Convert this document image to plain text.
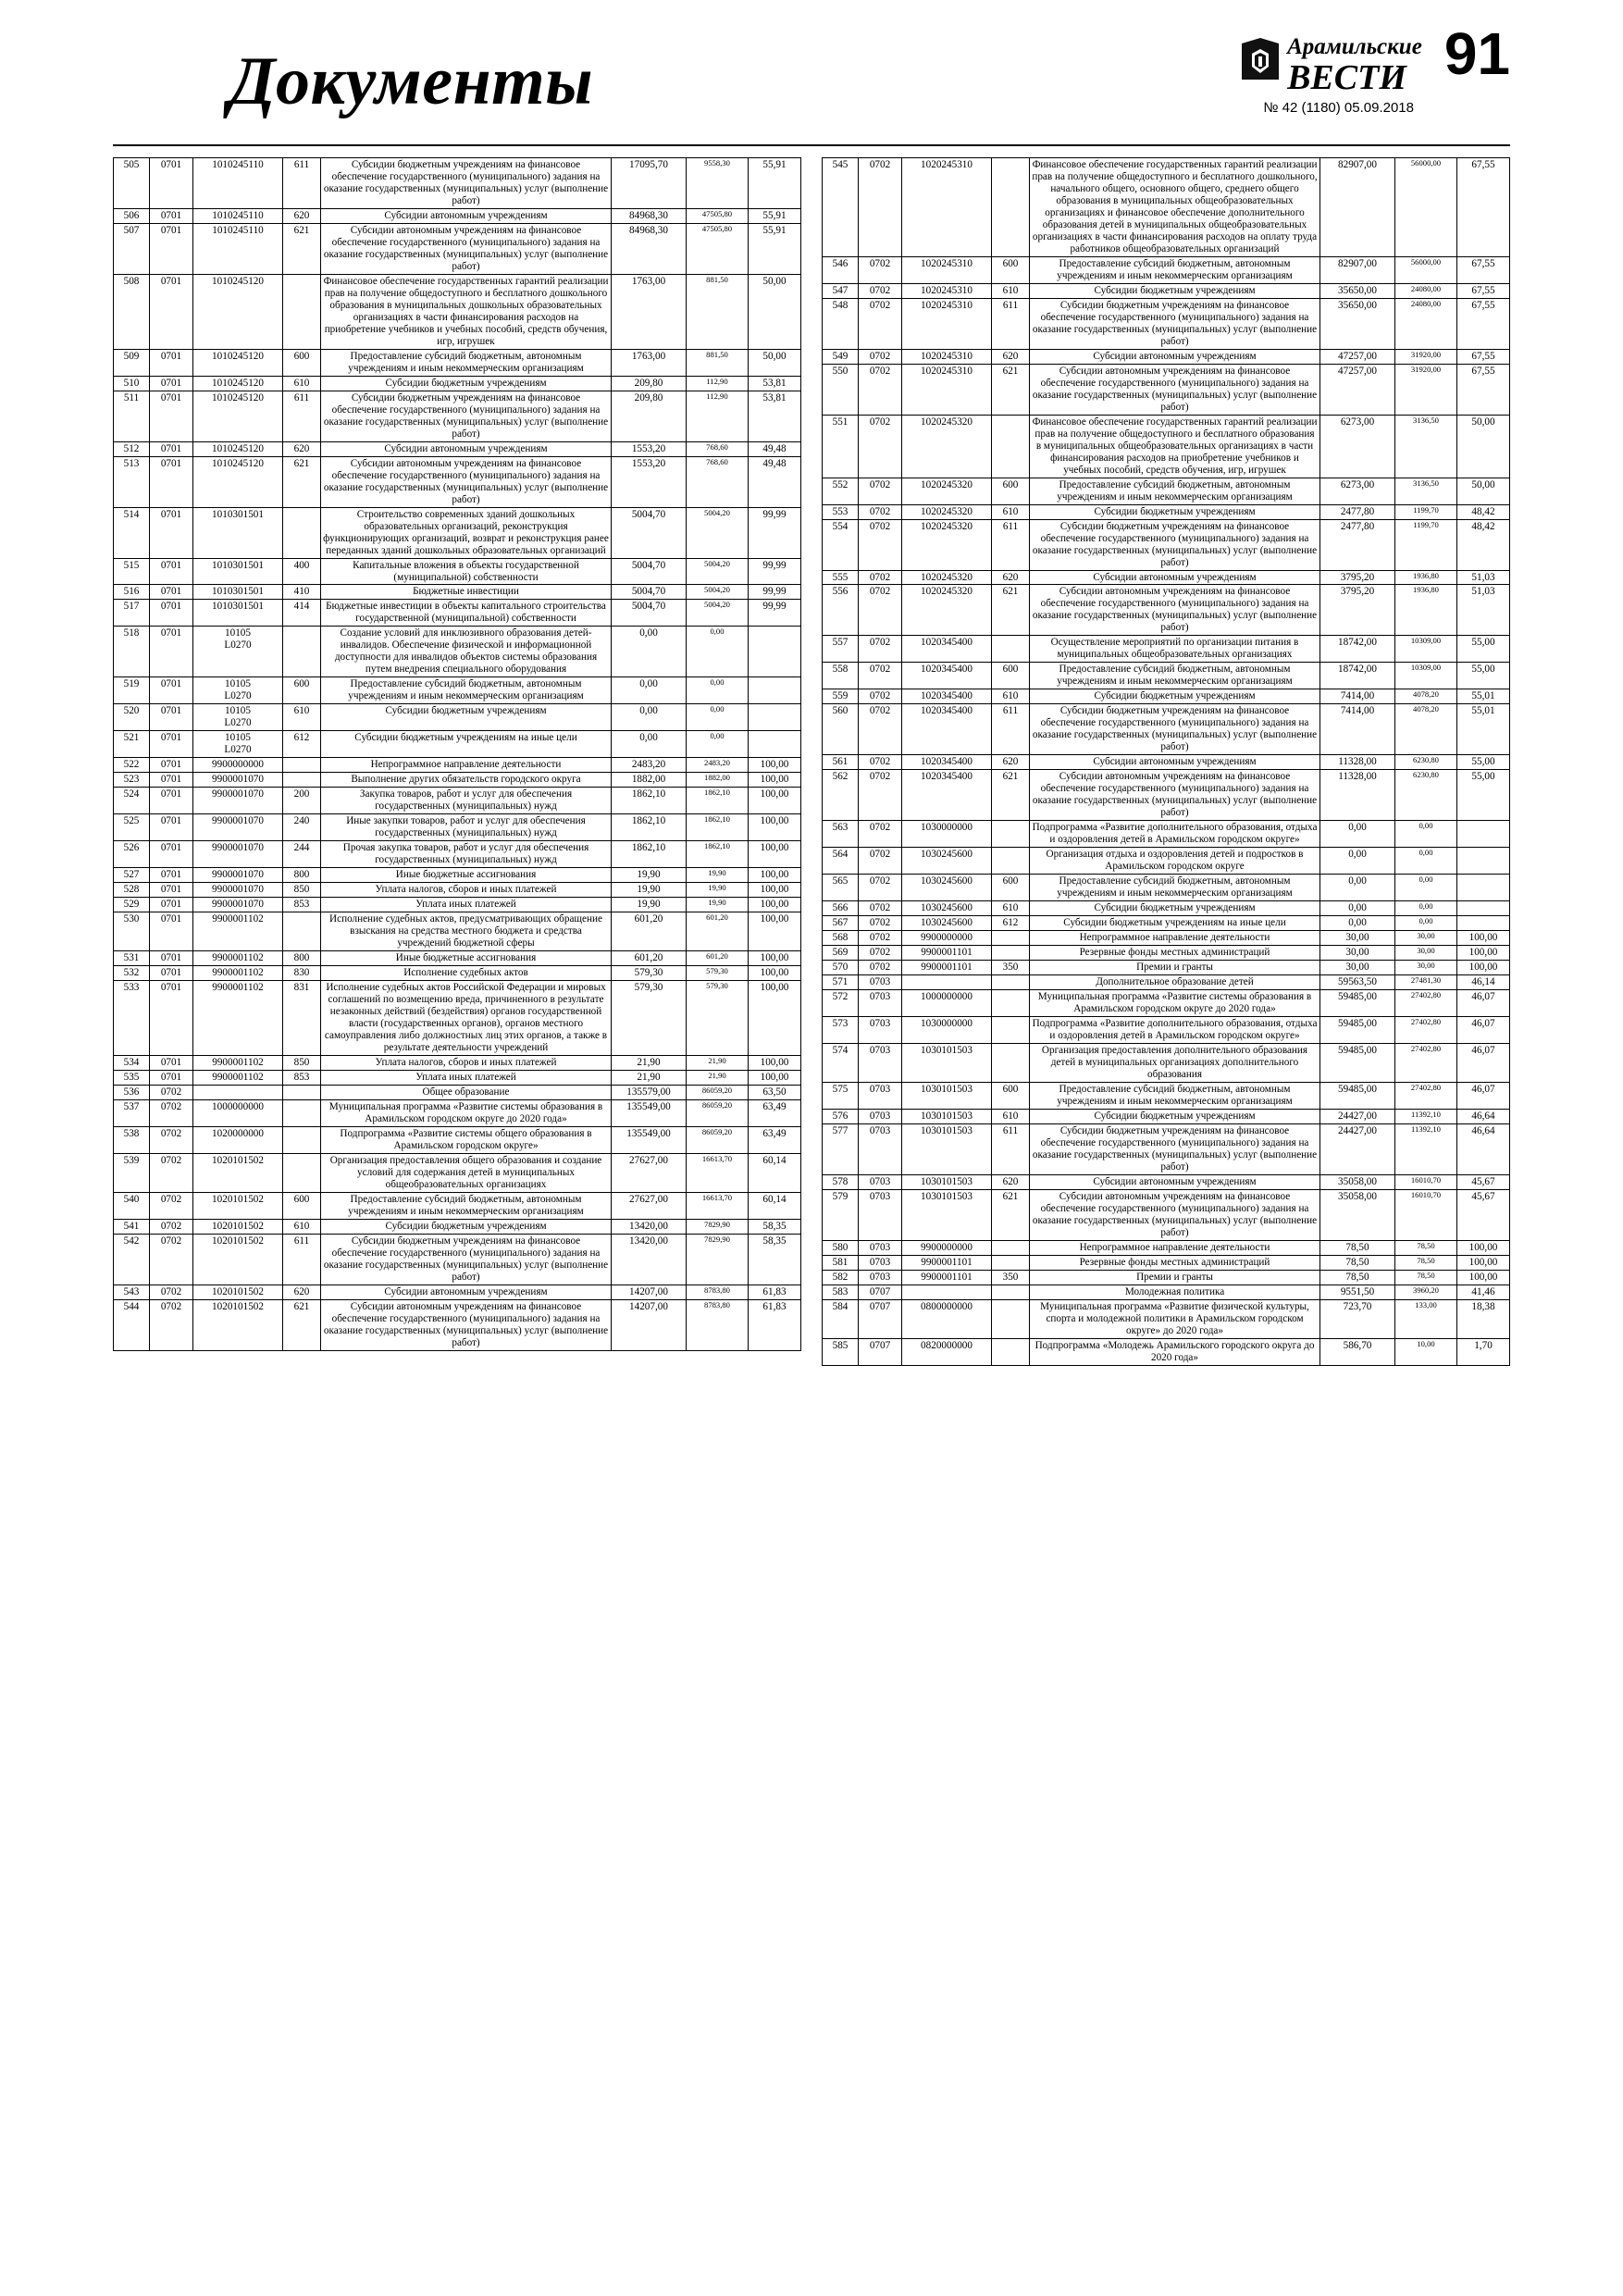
Документы	Арамильские
ВЕСТИ 91
№ 42 (1180) 05.09.2018
505	0701	1010245110	611	Субсидии бюджетным учреждениям на финансовое обеспечение государственного (муниципального) задания на оказание государственных (муниципальных) услуг (выполнение работ)	17095,70	9558,30	55,91
506	0701	1010245110	620	Субсидии автономным учреждениям	84968,30	47505,80	55,91
507	0701	1010245110	621	Субсидии автономным учреждениям на финансовое обеспечение государственного (муниципального) задания на оказание государственных (муниципальных) услуг (выполнение работ)	84968,30	47505,80	55,91
508	0701	1010245120		Финансовое обеспечение государственных гарантий реализации прав на получение общедоступного и бесплатного дошкольного образования в муниципальных дошкольных образовательных организациях в части финансирования расходов на приобретение учебников и учебных пособий, средств обучения, игр, игрушек	1763,00	881,50	50,00
509	0701	1010245120	600	Предоставление субсидий бюджетным, автономным учреждениям и иным некоммерческим организациям	1763,00	881,50	50,00
510	0701	1010245120	610	Субсидии бюджетным учреждениям	209,80	112,90	53,81
511	0701	1010245120	611	Субсидии бюджетным учреждениям на финансовое обеспечение государственного (муниципального) задания на оказание государственных (муниципальных) услуг (выполнение работ)	209,80	112,90	53,81
512	0701	1010245120	620	Субсидии автономным учреждениям	1553,20	768,60	49,48
513	0701	1010245120	621	Субсидии автономным учреждениям на финансовое обеспечение государственного (муниципального) задания на оказание государственных (муниципальных) услуг (выполнение работ)	1553,20	768,60	49,48
514	0701	1010301501		Строительство современных зданий дошкольных образовательных организаций, реконструкция функционирующих организаций, возврат и реконструкция ранее переданных зданий дошкольных образовательных организаций	5004,70	5004,20	99,99
515	0701	1010301501	400	Капитальные вложения в объекты государственной (муниципальной) собственности	5004,70	5004,20	99,99
516	0701	1010301501	410	Бюджетные инвестиции	5004,70	5004,20	99,99
517	0701	1010301501	414	Бюджетные инвестиции в объекты капитального строительства государственной (муниципальной) собственности	5004,70	5004,20	99,99
518	0701	10105
L0270		Создание условий для инклюзивного образования детей-инвалидов. Обеспечение физической и информационной доступности для инвалидов объектов системы образования путем внедрения специального оборудования	0,00	0,00	

519	0701	10105
L0270	600	Предоставление субсидий бюджетным, автономным учреждениям и иным некоммерческим организациям	0,00	0,00	

520	0701	10105
L0270	610	Субсидии бюджетным учреждениям	0,00	0,00	

521	0701	10105
L0270	612	Субсидии бюджетным учреждениям на иные цели	0,00	0,00	

522	0701	9900000000		Непрограммное направление деятельности	2483,20	2483,20	100,00
523	0701	9900001070		Выполнение других обязательств городского округа	1882,00	1882,00	100,00
524	0701	9900001070	200	Закупка товаров, работ и услуг для обеспечения государственных (муниципальных) нужд	1862,10	1862,10	100,00
525	0701	9900001070	240	Иные закупки товаров, работ и услуг для обеспечения государственных (муниципальных) нужд	1862,10	1862,10	100,00
526	0701	9900001070	244	Прочая закупка товаров, работ и услуг для обеспечения государственных (муниципальных) нужд	1862,10	1862,10	100,00
527	0701	9900001070	800	Иные бюджетные ассигнования	19,90	19,90	100,00
528	0701	9900001070	850	Уплата налогов, сборов и иных платежей	19,90	19,90	100,00
529	0701	9900001070	853	Уплата иных платежей	19,90	19,90	100,00
530	0701	9900001102		Исполнение судебных актов, предусматривающих обращение взыскания на средства местного бюджета и средства учреждений бюджетной сферы	601,20	601,20	100,00
531	0701	9900001102	800	Иные бюджетные ассигнования	601,20	601,20	100,00
532	0701	9900001102	830	Исполнение судебных актов	579,30	579,30	100,00
533	0701	9900001102	831	Исполнение судебных актов Российской Федерации и мировых соглашений по возмещению вреда, причиненного в результате незаконных действий (бездействия) органов государственной власти (государственных органов), органов местного самоуправления либо должностных лиц этих органов, а также в результате деятельности учреждений	579,30	579,30	100,00
534	0701	9900001102	850	Уплата налогов, сборов и иных платежей	21,90	21,90	100,00
535	0701	9900001102	853	Уплата иных платежей	21,90	21,90	100,00
536	0702			Общее образование	135579,00	86059,20	63,50
537	0702	1000000000		Муниципальная программа «Развитие системы образования в Арамильском городском округе до 2020 года»	135549,00	86059,20	63,49
538	0702	1020000000		Подпрограмма «Развитие системы общего образования в Арамильском городском округе»	135549,00	86059,20	63,49
539	0702	1020101502		Организация предоставления общего образования и создание условий для содержания детей в муниципальных общеобразовательных организациях	27627,00	16613,70	60,14
540	0702	1020101502	600	Предоставление субсидий бюджетным, автономным учреждениям и иным некоммерческим организациям	27627,00	16613,70	60,14
541	0702	1020101502	610	Субсидии бюджетным учреждениям	13420,00	7829,90	58,35
542	0702	1020101502	611	Субсидии бюджетным учреждениям на финансовое обеспечение государственного (муниципального) задания на оказание государственных (муниципальных) услуг (выполнение работ)	13420,00	7829,90	58,35
543	0702	1020101502	620	Субсидии автономным учреждениям	14207,00	8783,80	61,83
544	0702	1020101502	621	Субсидии автономным учреждениям на финансовое обеспечение государственного (муниципального) задания на оказание государственных (муниципальных) услуг (выполнение работ)	14207,00	8783,80	61,83
545	0702	1020245310		Финансовое обеспечение государственных гарантий реализации прав на получение общедоступного и бесплатного дошкольного, начального общего, основного общего, среднего общего образования в муниципальных общеобразовательных организациях и финансовое обеспечение дополнительного образования детей в муниципальных общеобразовательных организациях в части финансирования расходов на оплату труда работников общеобразовательных организаций	82907,00	56000,00	67,55
546	0702	1020245310	600	Предоставление субсидий бюджетным, автономным учреждениям и иным некоммерческим организациям	82907,00	56000,00	67,55
547	0702	1020245310	610	Субсидии бюджетным учреждениям	35650,00	24080,00	67,55
548	0702	1020245310	611	Субсидии бюджетным учреждениям на финансовое обеспечение государственного (муниципального) задания на оказание государственных (муниципальных) услуг (выполнение работ)	35650,00	24080,00	67,55
549	0702	1020245310	620	Субсидии автономным учреждениям	47257,00	31920,00	67,55
550	0702	1020245310	621	Субсидии автономным учреждениям на финансовое обеспечение государственного (муниципального) задания на оказание государственных (муниципальных) услуг (выполнение работ)	47257,00	31920,00	67,55
551	0702	1020245320		Финансовое обеспечение государственных гарантий реализации прав на получение общедоступного и бесплатного образования в муниципальных общеобразовательных организациях в части финансирования расходов на приобретение учебников и учебных пособий, средств обучения, игр, игрушек	6273,00	3136,50	50,00
552	0702	1020245320	600	Предоставление субсидий бюджетным, автономным учреждениям и иным некоммерческим организациям	6273,00	3136,50	50,00
553	0702	1020245320	610	Субсидии бюджетным учреждениям	2477,80	1199,70	48,42
554	0702	1020245320	611	Субсидии бюджетным учреждениям на финансовое обеспечение государственного (муниципального) задания на оказание государственных (муниципальных) услуг (выполнение работ)	2477,80	1199,70	48,42
555	0702	1020245320	620	Субсидии автономным учреждениям	3795,20	1936,80	51,03
556	0702	1020245320	621	Субсидии автономным учреждениям на финансовое обеспечение государственного (муниципального) задания на оказание государственных (муниципальных) услуг (выполнение работ)	3795,20	1936,80	51,03
557	0702	1020345400		Осуществление мероприятий по организации питания в муниципальных общеобразовательных организациях	18742,00	10309,00	55,00
558	0702	1020345400	600	Предоставление субсидий бюджетным, автономным учреждениям и иным некоммерческим организациям	18742,00	10309,00	55,00
559	0702	1020345400	610	Субсидии бюджетным учреждениям	7414,00	4078,20	55,01
560	0702	1020345400	611	Субсидии бюджетным учреждениям на финансовое обеспечение государственного (муниципального) задания на оказание государственных (муниципальных) услуг (выполнение работ)	7414,00	4078,20	55,01
561	0702	1020345400	620	Субсидии автономным учреждениям	11328,00	6230,80	55,00
562	0702	1020345400	621	Субсидии автономным учреждениям на финансовое обеспечение государственного (муниципального) задания на оказание государственных (муниципальных) услуг (выполнение работ)	11328,00	6230,80	55,00
563	0702	1030000000		Подпрограмма «Развитие дополнительного образования, отдыха и оздоровления детей в Арамильском городском округе»	0,00	0,00	

564	0702	1030245600		Организация отдыха и оздоровления детей и подростков в Арамильском городском округе	0,00	0,00	

565	0702	1030245600	600	Предоставление субсидий бюджетным, автономным учреждениям и иным некоммерческим организациям	0,00	0,00	

566	0702	1030245600	610	Субсидии бюджетным учреждениям	0,00	0,00	

567	0702	1030245600	612	Субсидии бюджетным учреждениям на иные цели	0,00	0,00	

568	0702	9900000000		Непрограммное направление деятельности	30,00	30,00	100,00
569	0702	9900001101		Резервные фонды местных администраций	30,00	30,00	100,00
570	0702	9900001101	350	Премии и гранты	30,00	30,00	100,00
571	0703			Дополнительное образование детей	59563,50	27481,30	46,14
572	0703	1000000000		Муниципальная программа «Развитие системы образования в Арамильском городском округе до 2020 года»	59485,00	27402,80	46,07
573	0703	1030000000		Подпрограмма «Развитие дополнительного образования, отдыха и оздоровления детей в Арамильском городском округе»	59485,00	27402,80	46,07
574	0703	1030101503		Организация предоставления дополнительного образования детей в муниципальных организациях дополнительного образования	59485,00	27402,80	46,07
575	0703	1030101503	600	Предоставление субсидий бюджетным, автономным учреждениям и иным некоммерческим организациям	59485,00	27402,80	46,07
576	0703	1030101503	610	Субсидии бюджетным учреждениям	24427,00	11392,10	46,64
577	0703	1030101503	611	Субсидии бюджетным учреждениям на финансовое обеспечение государственного (муниципального) задания на оказание государственных (муниципальных) услуг (выполнение работ)	24427,00	11392,10	46,64
578	0703	1030101503	620	Субсидии автономным учреждениям	35058,00	16010,70	45,67
579	0703	1030101503	621	Субсидии автономным учреждениям на финансовое обеспечение государственного (муниципального) задания на оказание государственных (муниципальных) услуг (выполнение работ)	35058,00	16010,70	45,67
580	0703	9900000000		Непрограммное направление деятельности	78,50	78,50	100,00
581	0703	9900001101		Резервные фонды местных администраций	78,50	78,50	100,00
582	0703	9900001101	350	Премии и гранты	78,50	78,50	100,00
583	0707			Молодежная политика	9551,50	3960,20	41,46
584	0707	0800000000		Муниципальная программа «Развитие физической культуры, спорта и молодежной политики в Арамильском городском округе» до 2020 года»	723,70	133,00	18,38
585	0707	0820000000		Подпрограмма «Молодежь Арамильского городского округа до 2020 года»	586,70	10,00	1,70
